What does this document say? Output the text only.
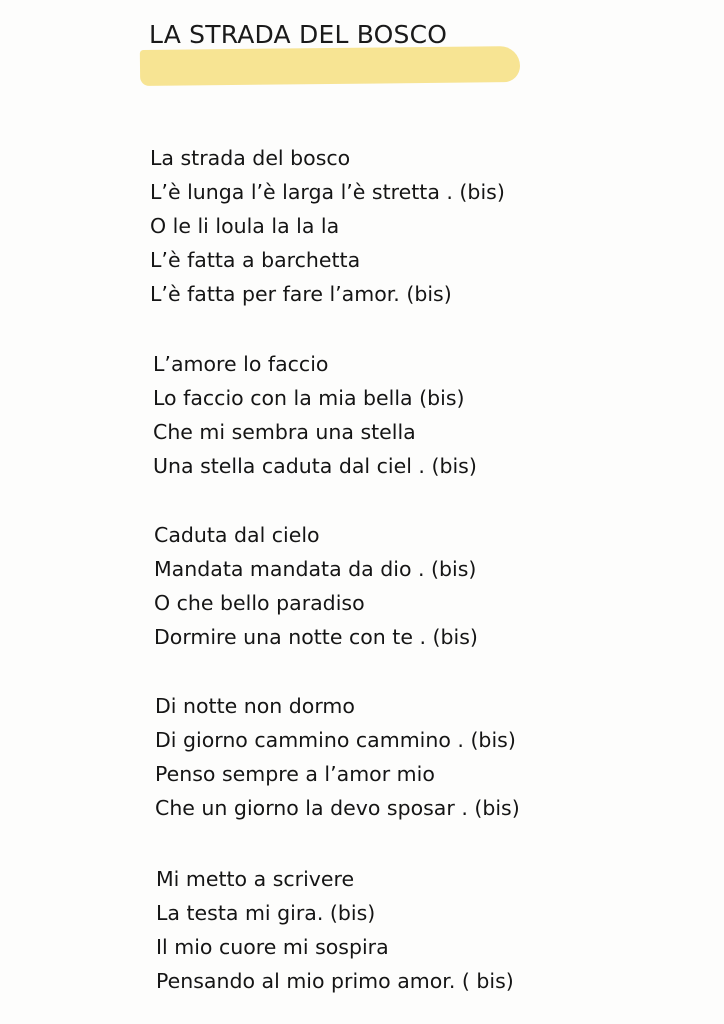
LA STRADA DEL BOSCO
La strada del bosco
L’è lunga l’è larga l’è stretta . (bis)
O le li loula la la la
L’è fatta a barchetta
L’è fatta per fare l’amor. (bis)
L’amore lo faccio
Lo faccio con la mia bella (bis)
Che mi sembra una stella
Una stella caduta dal ciel . (bis)
Caduta dal cielo
Mandata mandata da dio . (bis)
O che bello paradiso
Dormire una notte con te . (bis)
Di notte non dormo
Di giorno cammino cammino . (bis)
Penso sempre a l’amor mio
Che un giorno la devo sposar . (bis)
Mi metto a scrivere
La testa mi gira. (bis)
Il mio cuore mi sospira
Pensando al mio primo amor. ( bis)
